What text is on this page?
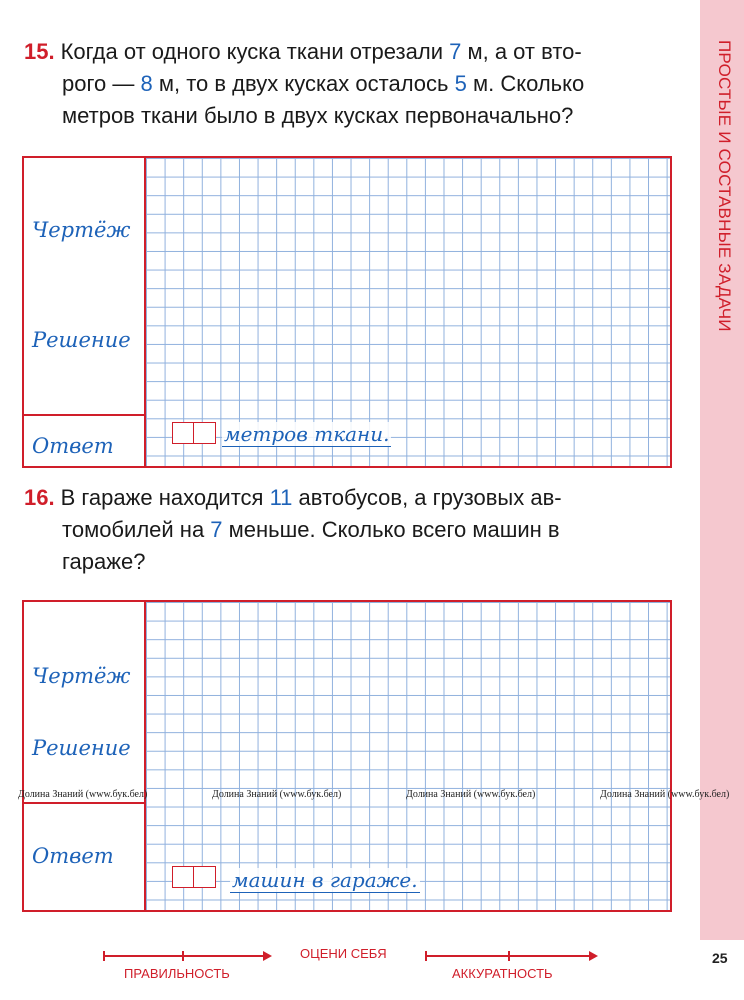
ПРОСТЫЕ И СОСТАВНЫЕ ЗАДАЧИ
25

15. Когда от одного куска ткани отрезали 7 м, а от вто-

рого — 8 м, то в двух кусках осталось 5 м. Сколько

метров ткани было в двух кусках первоначально?

Чертёж
Решение
Ответ	метров ткани.

16. В гараже находится 11 автобусов, а грузовых ав-

томобилей на 7 меньше. Сколько всего машин в

гараже?

Чертёж
Решение
Ответ
машин в гараже.
Долина Знаний (www.бук.бел)	Долина Знаний (www.бук.бел)	Долина Знаний (www.бук.бел)	Долина Знаний (www.бук.бел)
ПРАВИЛЬНОСТЬ
ОЦЕНИ СЕБЯ
АККУРАТНОСТЬ
